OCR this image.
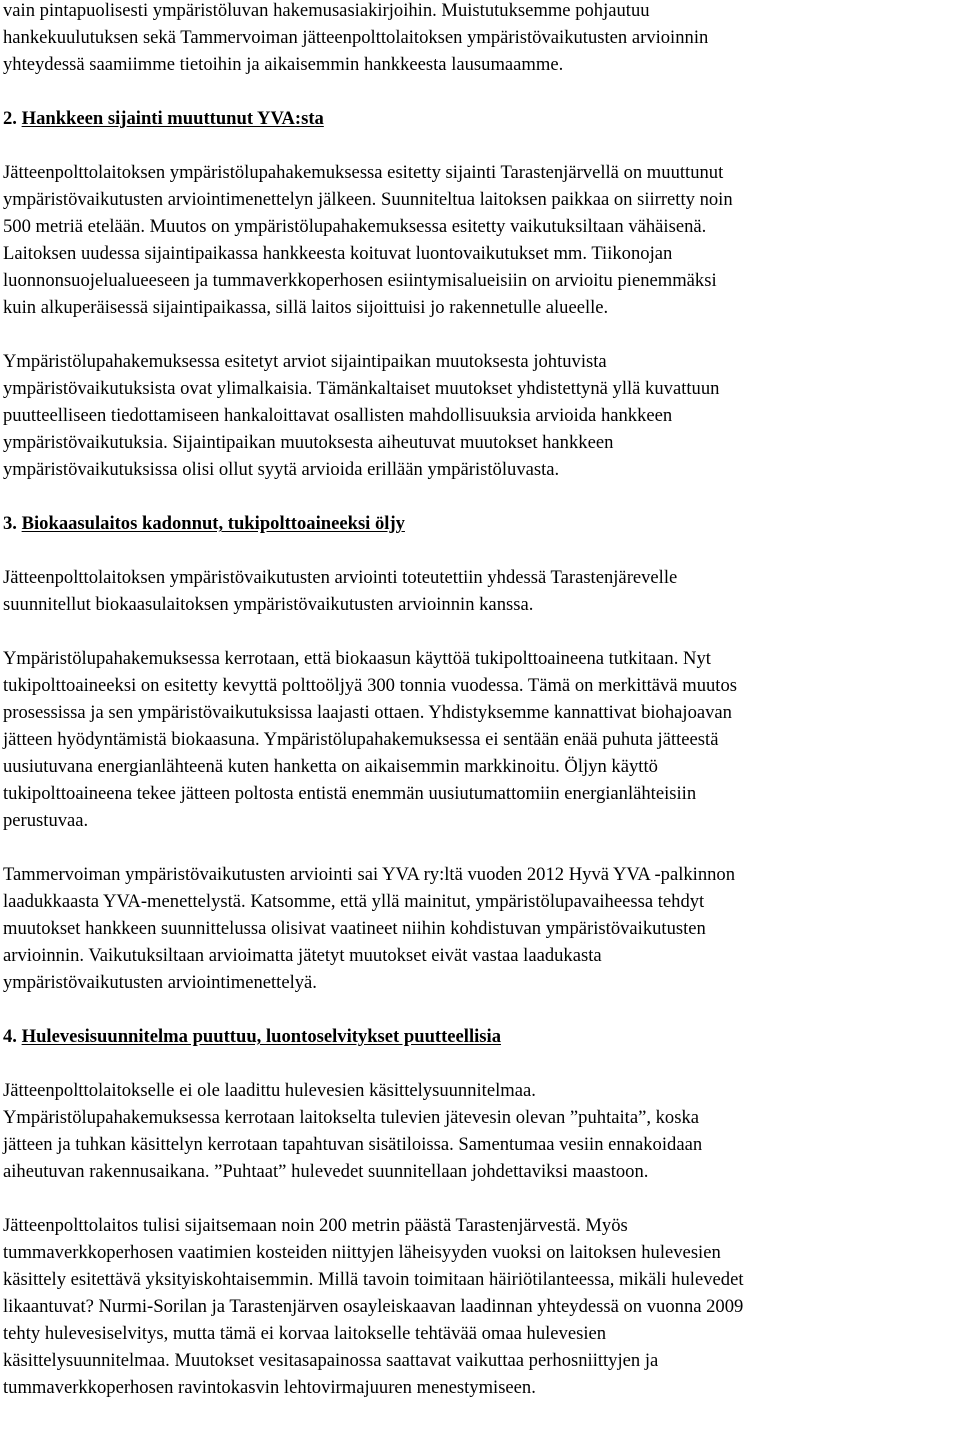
vain pintapuolisesti ympäristöluvan hakemusasiakirjoihin. Muistutuksemme pohjautuu
hankekuulutuksen sekä Tammervoiman jätteenpolttolaitoksen ympäristövaikutusten arvioinnin
yhteydessä saamiimme tietoihin ja aikaisemmin hankkeesta lausumaamme.
2. Hankkeen sijainti muuttunut YVA:sta
Jätteenpolttolaitoksen ympäristölupahakemuksessa esitetty sijainti Tarastenjärvellä on muuttunut
ympäristövaikutusten arviointimenettelyn jälkeen. Suunniteltua laitoksen paikkaa on siirretty noin
500 metriä etelään. Muutos on ympäristölupahakemuksessa esitetty vaikutuksiltaan vähäisenä.
Laitoksen uudessa sijaintipaikassa hankkeesta koituvat luontovaikutukset mm. Tiikonojan
luonnonsuojelualueeseen ja tummaverkkoperhosen esiintymisalueisiin on arvioitu pienemmäksi
kuin alkuperäisessä sijaintipaikassa, sillä laitos sijoittuisi jo rakennetulle alueelle.
Ympäristölupahakemuksessa esitetyt arviot sijaintipaikan muutoksesta johtuvista
ympäristövaikutuksista ovat ylimalkaisia. Tämänkaltaiset muutokset yhdistettynä yllä kuvattuun
puutteelliseen tiedottamiseen hankaloittavat osallisten mahdollisuuksia arvioida hankkeen
ympäristövaikutuksia. Sijaintipaikan muutoksesta aiheutuvat muutokset hankkeen
ympäristövaikutuksissa olisi ollut syytä arvioida erillään ympäristöluvasta.
3. Biokaasulaitos kadonnut, tukipolttoaineeksi öljy
Jätteenpolttolaitoksen ympäristövaikutusten arviointi toteutettiin yhdessä Tarastenjärevelle
suunnitellut biokaasulaitoksen ympäristövaikutusten arvioinnin kanssa.
Ympäristölupahakemuksessa kerrotaan, että biokaasun käyttöä tukipolttoaineena tutkitaan. Nyt
tukipolttoaineeksi on esitetty kevyttä polttoöljyä 300 tonnia vuodessa. Tämä on merkittävä muutos
prosessissa ja sen ympäristövaikutuksissa laajasti ottaen. Yhdistyksemme kannattivat biohajoavan
jätteen hyödyntämistä biokaasuna. Ympäristölupahakemuksessa ei sentään enää puhuta jätteestä
uusiutuvana energianlähteenä kuten hanketta on aikaisemmin markkinoitu. Öljyn käyttö
tukipolttoaineena tekee jätteen poltosta entistä enemmän uusiutumattomiin energianlähteisiin
perustuvaa.
Tammervoiman ympäristövaikutusten arviointi sai YVA ry:ltä vuoden 2012 Hyvä YVA -palkinnon
laadukkaasta YVA-menettelystä. Katsomme, että yllä mainitut, ympäristölupavaiheessa tehdyt
muutokset hankkeen suunnittelussa olisivat vaatineet niihin kohdistuvan ympäristövaikutusten
arvioinnin. Vaikutuksiltaan arvioimatta jätetyt muutokset eivät vastaa laadukasta
ympäristövaikutusten arviointimenettelyä.
4. Hulevesisuunnitelma puuttuu, luontoselvitykset puutteellisia
Jätteenpolttolaitokselle ei ole laadittu hulevesien käsittelysuunnitelmaa.
Ympäristölupahakemuksessa kerrotaan laitokselta tulevien jätevesin olevan ”puhtaita”, koska
jätteen ja tuhkan käsittelyn kerrotaan tapahtuvan sisätiloissa. Samentumaa vesiin ennakoidaan
aiheutuvan rakennusaikana. ”Puhtaat” hulevedet suunnitellaan johdettaviksi maastoon.
Jätteenpolttolaitos tulisi sijaitsemaan noin 200 metrin päästä Tarastenjärvestä. Myös
tummaverkkoperhosen vaatimien kosteiden niittyjen läheisyyden vuoksi on laitoksen hulevesien
käsittely esitettävä yksityiskohtaisemmin. Millä tavoin toimitaan häiriötilanteessa, mikäli hulevedet
likaantuvat? Nurmi-Sorilan ja Tarastenjärven osayleiskaavan laadinnan yhteydessä on vuonna 2009
tehty hulevesiselvitys, mutta tämä ei korvaa laitokselle tehtävää omaa hulevesien
käsittelysuunnitelmaa. Muutokset vesitasapainossa saattavat vaikuttaa perhosniittyjen ja
tummaverkkoperhosen ravintokasvin lehtovirmajuuren menestymiseen.
